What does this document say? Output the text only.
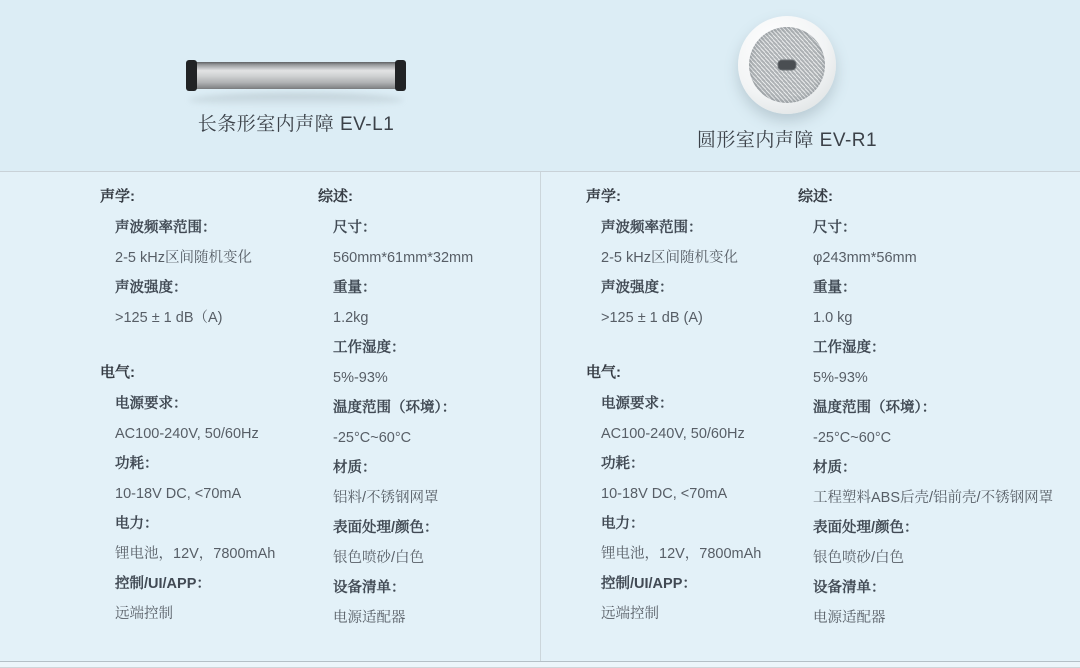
长条形室内声障 EV-L1
圆形室内声障 EV-R1
声学:
声波频率范围：
2-5 kHz区间随机变化
声波强度：
>125 ± 1 dB（A)
电气:
电源要求：
AC100-240V, 50/60Hz
功耗：
10-18V DC, <70mA
电力：
锂电池，12V，7800mAh
控制/UI/APP：
远端控制
综述:
尺寸：
560mm*61mm*32mm
重量：
1.2kg
工作湿度：
5%-93%
温度范围（环境）：
-25°C~60°C
材质：
铝料/不锈钢网罩
表面处理/颜色：
银色喷砂/白色
设备清单：
电源适配器
声学:
声波频率范围：
2-5 kHz区间随机变化
声波强度：
>125 ± 1 dB (A)
电气:
电源要求：
AC100-240V, 50/60Hz
功耗：
10-18V DC, <70mA
电力：
锂电池，12V，7800mAh
控制/UI/APP：
远端控制
综述:
尺寸：
φ243mm*56mm
重量：
1.0 kg
工作湿度：
5%-93%
温度范围（环境）：
-25°C~60°C
材质：
工程塑料ABS后壳/铝前壳/不锈钢网罩
表面处理/颜色：
银色喷砂/白色
设备清单：
电源适配器
